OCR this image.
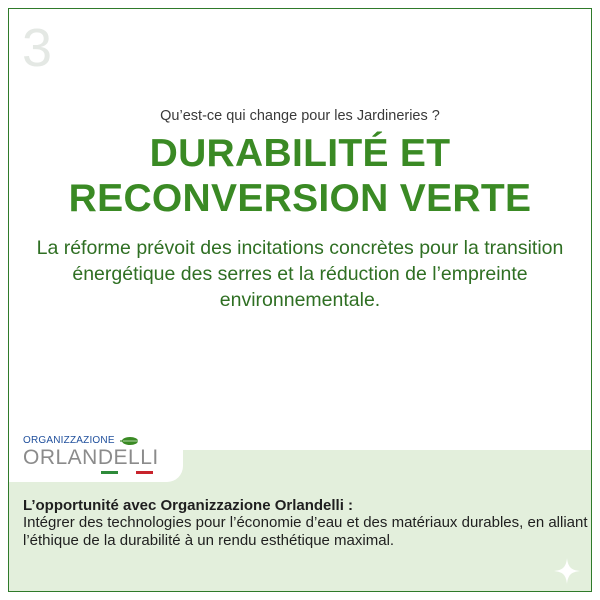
3
Qu’est-ce qui change pour les Jardineries ?
DURABILITÉ ET
RECONVERSION VERTE
La réforme prévoit des incitations concrètes pour la transition énergétique des serres et la réduction de l’empreinte environnementale.
ORGANIZZAZIONE
ORLANDELLI
L’opportunité avec Organizzazione Orlandelli :
Intégrer des technologies pour l’économie d’eau et des matériaux durables, en alliant l’éthique de la durabilité à un rendu esthétique maximal.
